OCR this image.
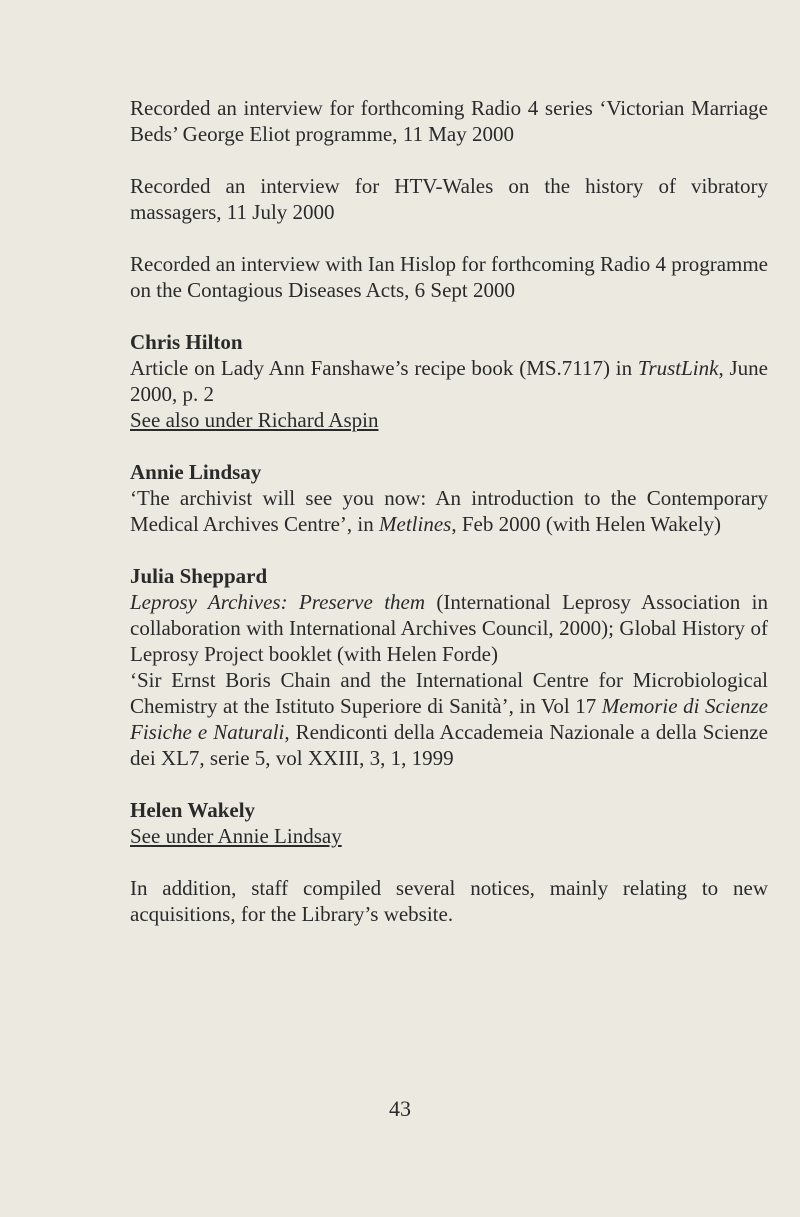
Recorded an interview for forthcoming Radio 4 series ‘Victorian Marriage Beds’ George Eliot programme, 11 May 2000

Recorded an interview for HTV-Wales on the history of vibratory massagers, 11 July 2000

Recorded an interview with Ian Hislop for forthcoming Radio 4 programme on the Contagious Diseases Acts, 6 Sept 2000

Chris Hilton

Article on Lady Ann Fanshawe’s recipe book (MS.7117) in TrustLink, June 2000, p. 2

See also under Richard Aspin

Annie Lindsay

‘The archivist will see you now: An introduction to the Contemporary Medical Archives Centre’, in Metlines, Feb 2000 (with Helen Wakely)

Julia Sheppard

Leprosy Archives: Preserve them (International Leprosy Association in collaboration with International Archives Council, 2000); Global History of Leprosy Project booklet (with Helen Forde)

‘Sir Ernst Boris Chain and the International Centre for Microbiological Chemistry at the Istituto Superiore di Sanità’, in Vol 17 Memorie di Scienze Fisiche e Naturali, Rendiconti della Accademeia Nazionale a della Scienze dei XL7, serie 5, vol XXIII, 3, 1, 1999

Helen Wakely

See under Annie Lindsay

In addition, staff compiled several notices, mainly relating to new acquisitions, for the Library’s website.

43
